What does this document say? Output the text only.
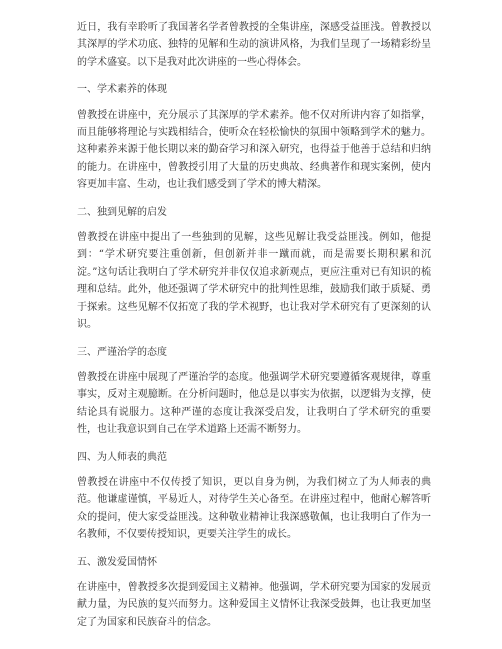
近日，我有幸聆听了我国著名学者曾教授的全集讲座，深感受益匪浅。曾教授以其深厚的学术功底、独特的见解和生动的演讲风格，为我们呈现了一场精彩纷呈的学术盛宴。以下是我对此次讲座的一些心得体会。

一、学术素养的体现

曾教授在讲座中，充分展示了其深厚的学术素养。他不仅对所讲内容了如指掌，而且能够将理论与实践相结合，使听众在轻松愉快的氛围中领略到学术的魅力。这种素养来源于他长期以来的勤奋学习和深入研究，也得益于他善于总结和归纳的能力。在讲座中，曾教授引用了大量的历史典故、经典著作和现实案例，使内容更加丰富、生动，也让我们感受到了学术的博大精深。

二、独到见解的启发

曾教授在讲座中提出了一些独到的见解，这些见解让我受益匪浅。例如，他提到：“学术研究要注重创新，但创新并非一蹴而就，而是需要长期积累和沉淀。”这句话让我明白了学术研究并非仅仅追求新观点，更应注重对已有知识的梳理和总结。此外，他还强调了学术研究中的批判性思维，鼓励我们敢于质疑、勇于探索。这些见解不仅拓宽了我的学术视野，也让我对学术研究有了更深刻的认识。

三、严谨治学的态度

曾教授在讲座中展现了严谨治学的态度。他强调学术研究要遵循客观规律，尊重事实，反对主观臆断。在分析问题时，他总是以事实为依据，以逻辑为支撑，使结论具有说服力。这种严谨的态度让我深受启发，让我明白了学术研究的重要性，也让我意识到自己在学术道路上还需不断努力。

四、为人师表的典范

曾教授在讲座中不仅传授了知识，更以自身为例，为我们树立了为人师表的典范。他谦虚谨慎，平易近人，对待学生关心备至。在讲座过程中，他耐心解答听众的提问，使大家受益匪浅。这种敬业精神让我深感敬佩，也让我明白了作为一名教师，不仅要传授知识，更要关注学生的成长。

五、激发爱国情怀

在讲座中，曾教授多次提到爱国主义精神。他强调，学术研究要为国家的发展贡献力量，为民族的复兴而努力。这种爱国主义情怀让我深受鼓舞，也让我更加坚定了为国家和民族奋斗的信念。
